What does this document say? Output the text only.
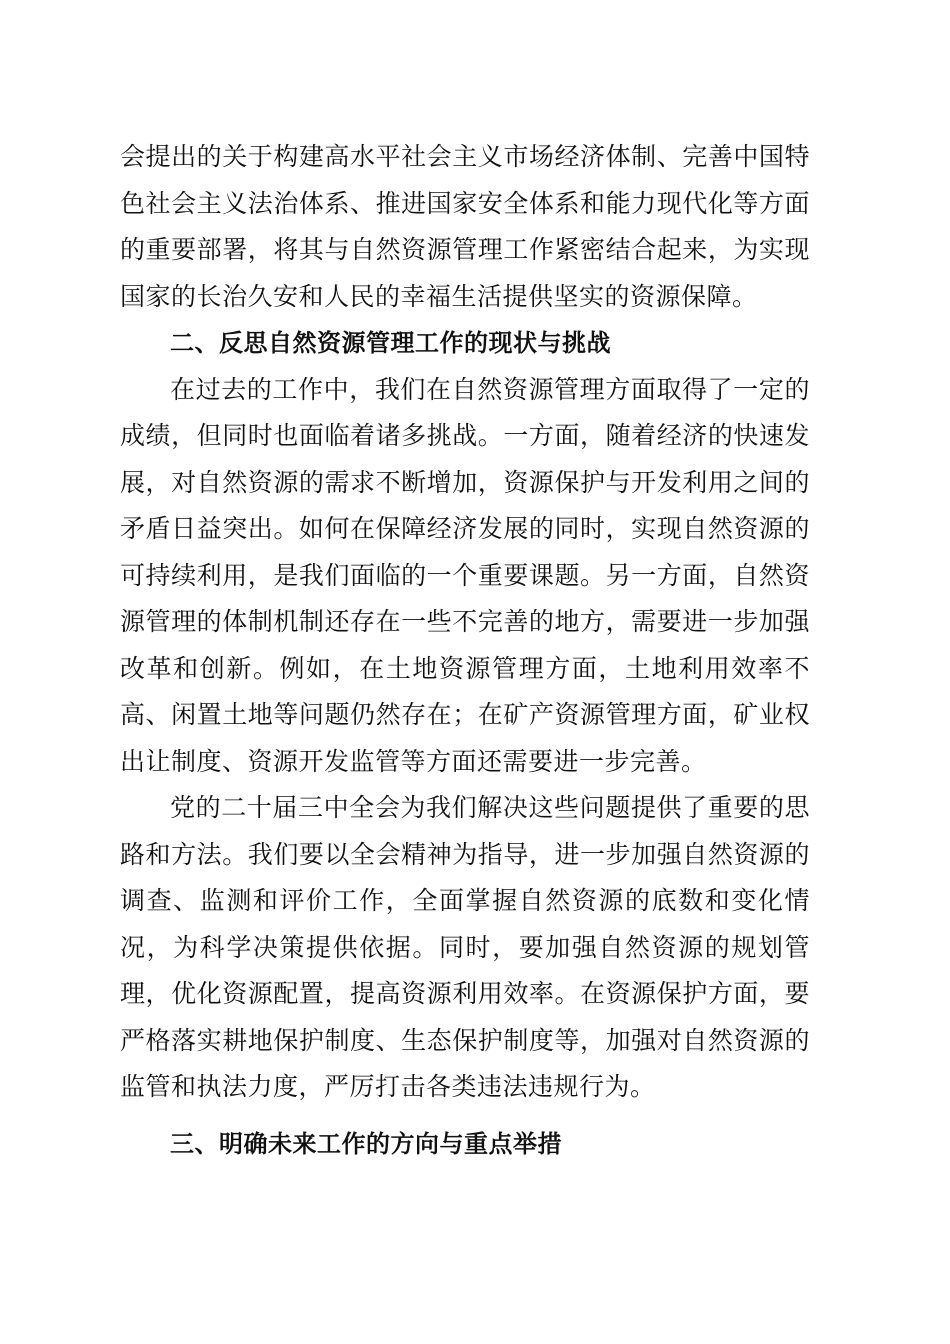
会提出的关于构建高水平社会主义市场经济体制、完善中国特色社会主义法治体系、推进国家安全体系和能力现代化等方面的重要部署，将其与自然资源管理工作紧密结合起来，为实现国家的长治久安和人民的幸福生活提供坚实的资源保障。

二、反思自然资源管理工作的现状与挑战

在过去的工作中，我们在自然资源管理方面取得了一定的成绩，但同时也面临着诸多挑战。一方面，随着经济的快速发展，对自然资源的需求不断增加，资源保护与开发利用之间的矛盾日益突出。如何在保障经济发展的同时，实现自然资源的可持续利用，是我们面临的一个重要课题。另一方面，自然资源管理的体制机制还存在一些不完善的地方，需要进一步加强改革和创新。例如，在土地资源管理方面，土地利用效率不高、闲置土地等问题仍然存在；在矿产资源管理方面，矿业权出让制度、资源开发监管等方面还需要进一步完善。

党的二十届三中全会为我们解决这些问题提供了重要的思路和方法。我们要以全会精神为指导，进一步加强自然资源的调查、监测和评价工作，全面掌握自然资源的底数和变化情况，为科学决策提供依据。同时，要加强自然资源的规划管理，优化资源配置，提高资源利用效率。在资源保护方面，要严格落实耕地保护制度、生态保护制度等，加强对自然资源的监管和执法力度，严厉打击各类违法违规行为。

三、明确未来工作的方向与重点举措
